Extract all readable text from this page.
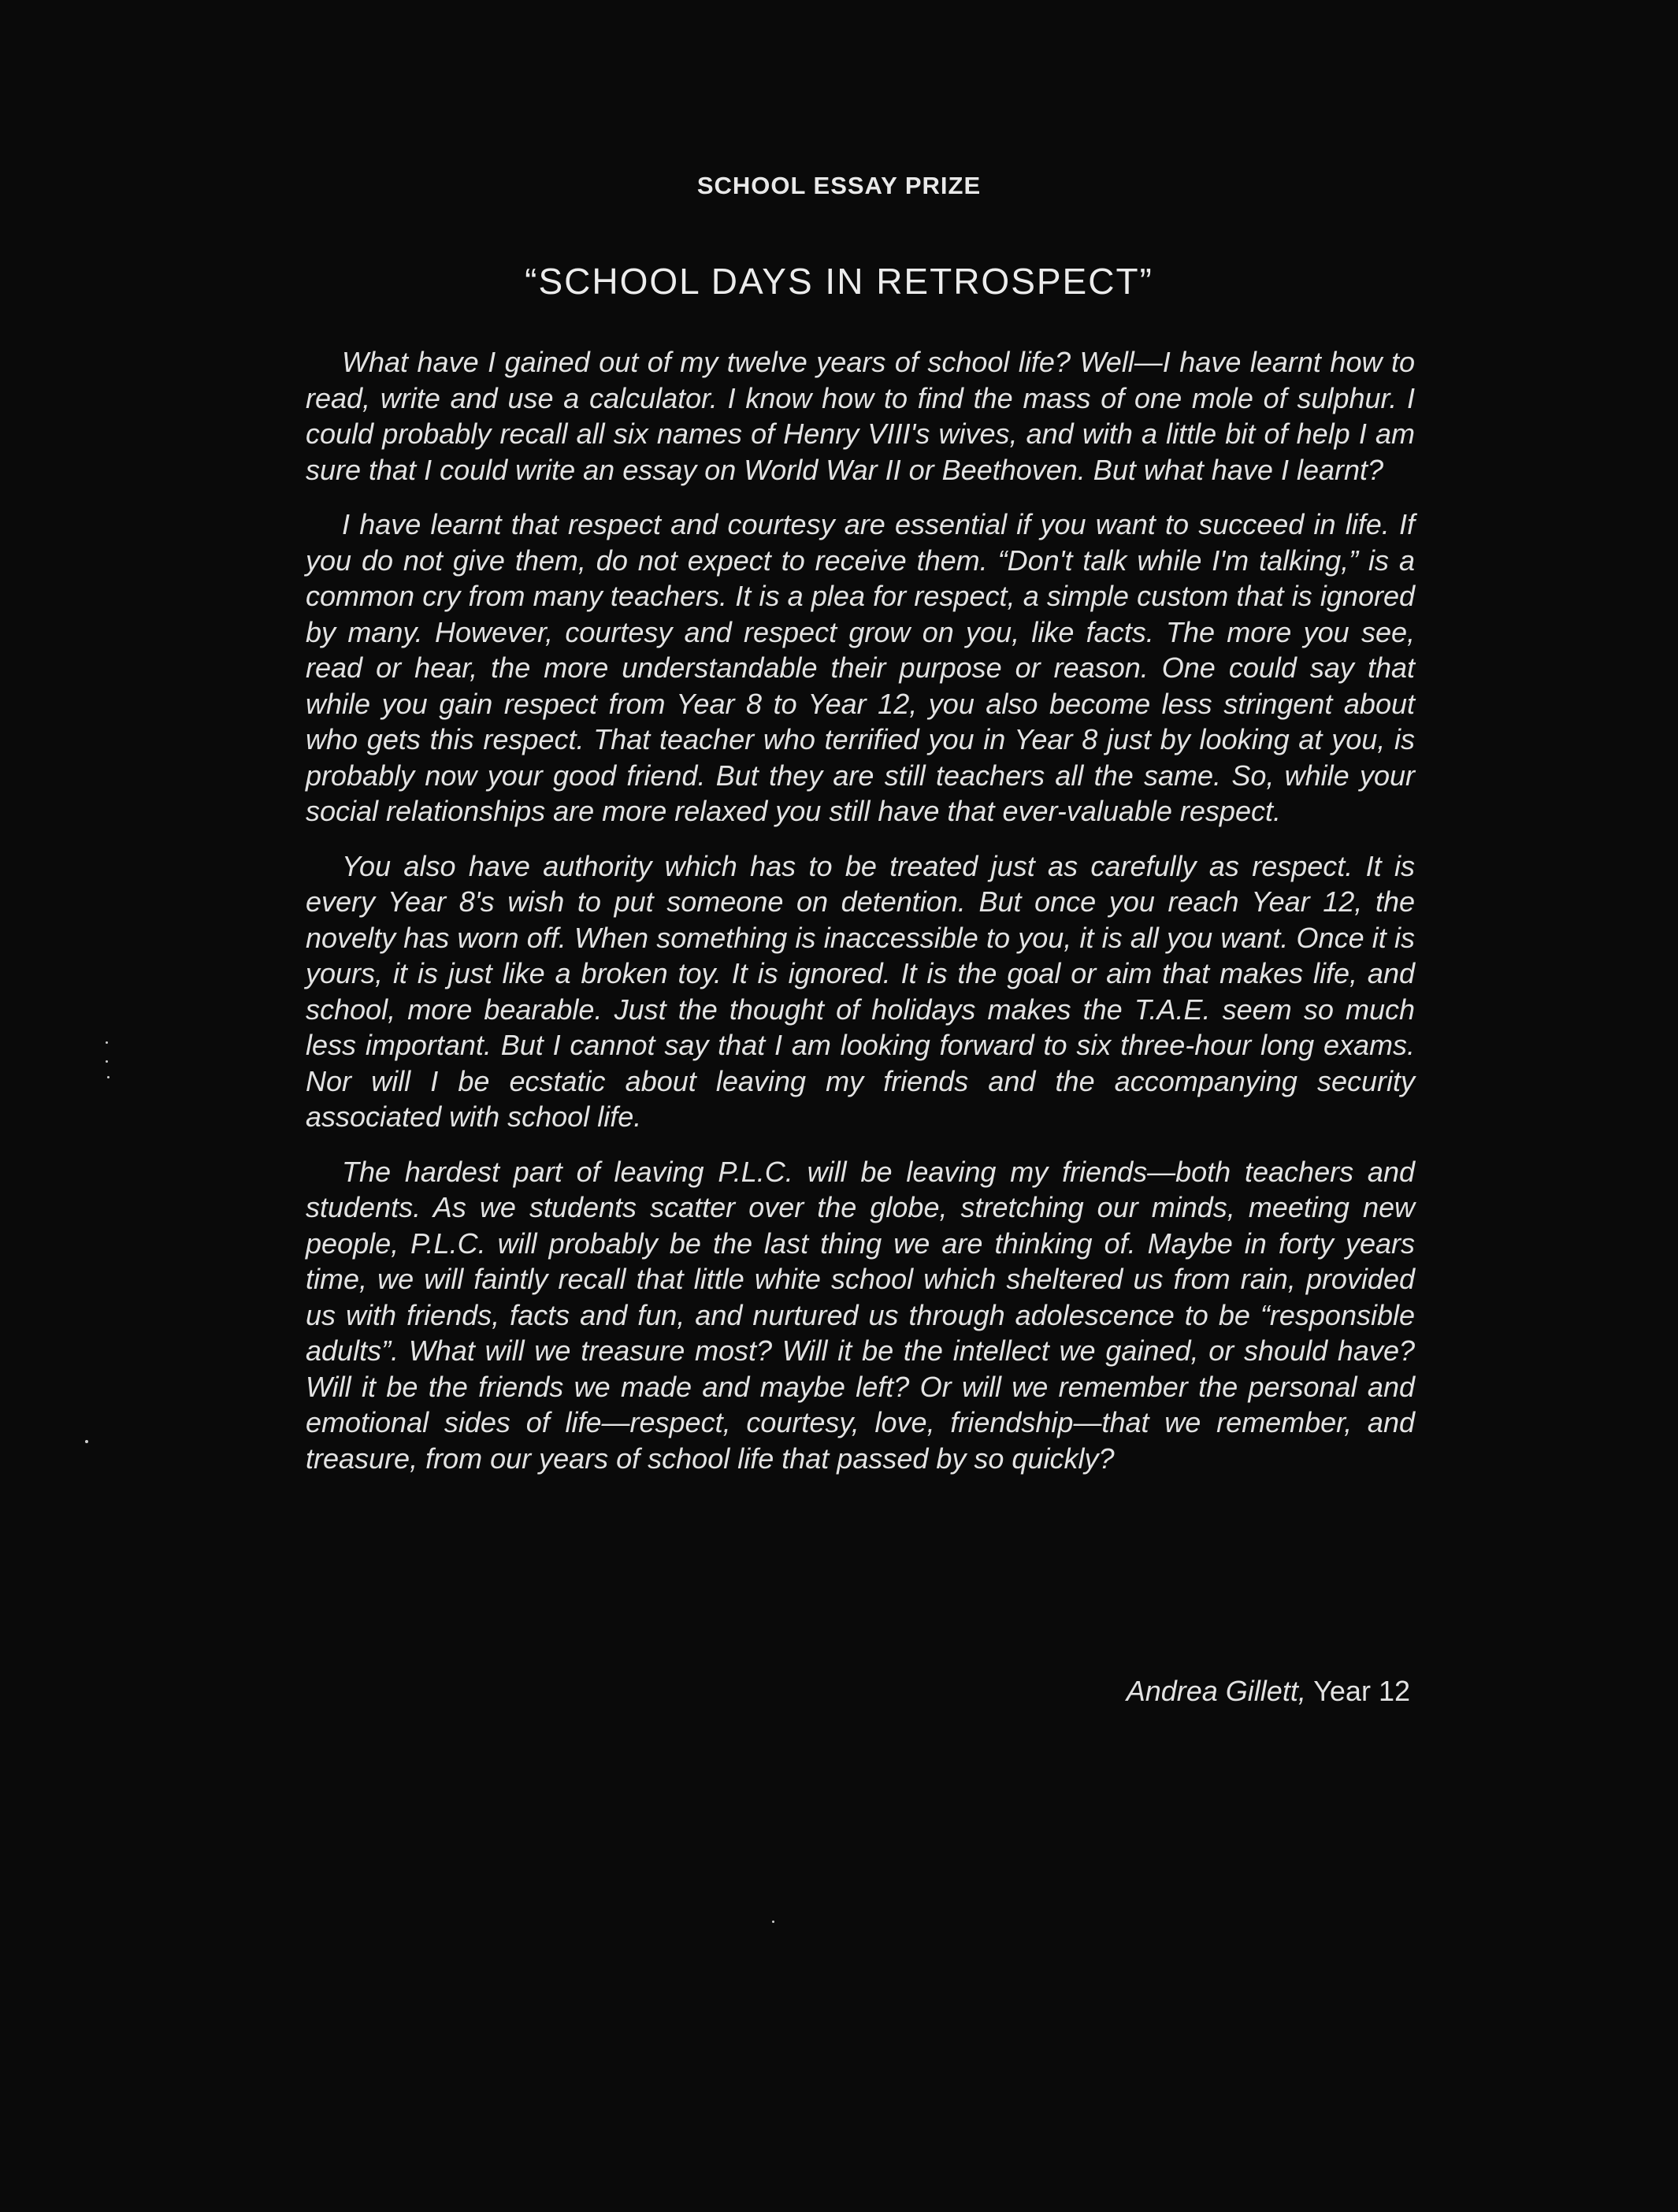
SCHOOL ESSAY PRIZE
“SCHOOL DAYS IN RETROSPECT”

What have I gained out of my twelve years of school life? Well—I have learnt how to read, write and use a calculator. I know how to find the mass of one mole of sulphur. I could probably recall all six names of Henry VIII's wives, and with a little bit of help I am sure that I could write an essay on World War II or Beethoven. But what have I learnt?

I have learnt that respect and courtesy are essential if you want to succeed in life. If you do not give them, do not expect to receive them. “Don't talk while I'm talking,” is a common cry from many teachers. It is a plea for respect, a simple custom that is ignored by many. However, courtesy and respect grow on you, like facts. The more you see, read or hear, the more understandable their purpose or reason. One could say that while you gain respect from Year 8 to Year 12, you also become less stringent about who gets this respect. That teacher who terrified you in Year 8 just by looking at you, is probably now your good friend. But they are still teachers all the same. So, while your social relationships are more relaxed you still have that ever-valuable respect.

You also have authority which has to be treated just as carefully as respect. It is every Year 8's wish to put someone on detention. But once you reach Year 12, the novelty has worn off. When something is inaccessible to you, it is all you want. Once it is yours, it is just like a broken toy. It is ignored. It is the goal or aim that makes life, and school, more bearable. Just the thought of holidays makes the T.A.E. seem so much less important. But I cannot say that I am looking forward to six three-hour long exams. Nor will I be ecstatic about leaving my friends and the accompanying security associated with school life.

The hardest part of leaving P.L.C. will be leaving my friends—both teachers and students. As we students scatter over the globe, stretching our minds, meeting new people, P.L.C. will probably be the last thing we are thinking of. Maybe in forty years time, we will faintly recall that little white school which sheltered us from rain, provided us with friends, facts and fun, and nurtured us through adolescence to be “responsible adults”. What will we treasure most? Will it be the intellect we gained, or should have? Will it be the friends we made and maybe left? Or will we remember the personal and emotional sides of life—respect, courtesy, love, friendship—that we remember, and treasure, from our years of school life that passed by so quickly?

Andrea Gillett, Year 12
